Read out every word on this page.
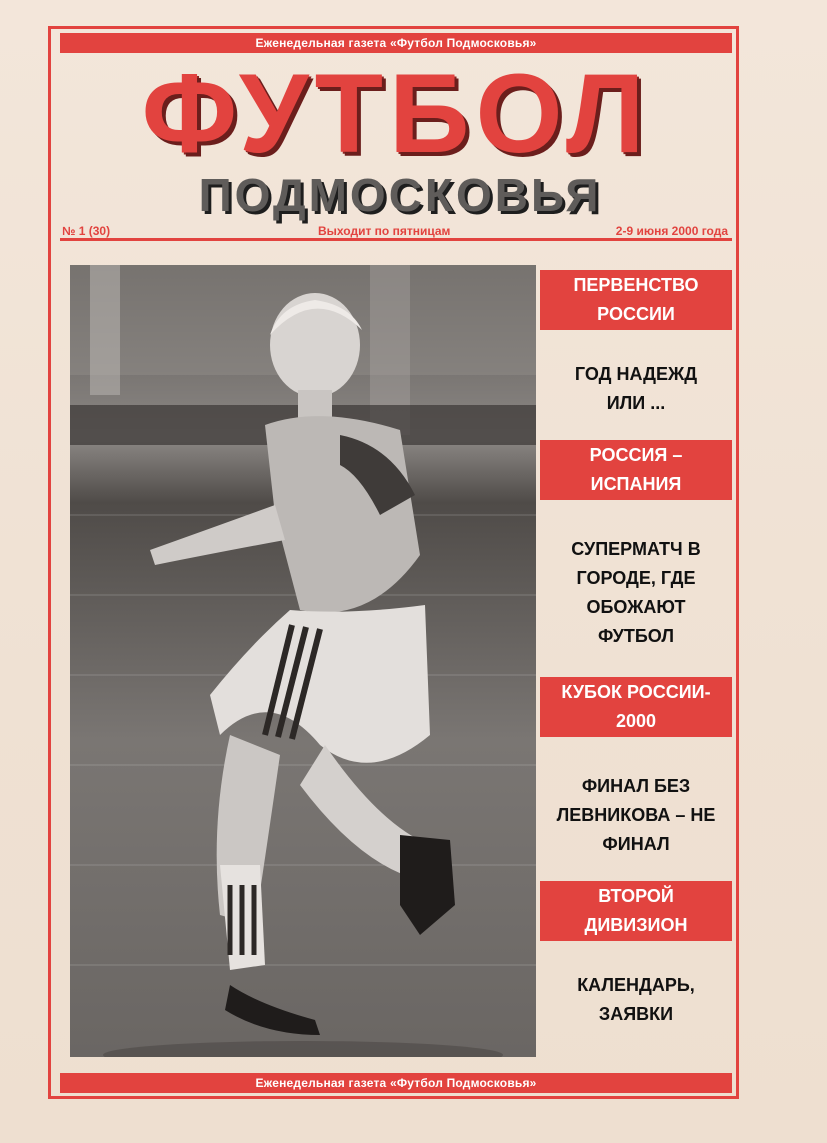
Еженедельная газета «Футбол Подмосковья»
ФУТБОЛ
ПОДМОСКОВЬЯ
№ 1 (30)	Выходит по пятницам	2-9 июня 2000 года
ПЕРВЕНСТВО
РОССИИ
ГОД НАДЕЖД
ИЛИ ...
РОССИЯ –
ИСПАНИЯ
СУПЕРМАТЧ В
ГОРОДЕ, ГДЕ
ОБОЖАЮТ
ФУТБОЛ
КУБОК РОССИИ-
2000
ФИНАЛ БЕЗ
ЛЕВНИКОВА – НЕ
ФИНАЛ
ВТОРОЙ
ДИВИЗИОН
КАЛЕНДАРЬ,
ЗАЯВКИ
Еженедельная газета «Футбол Подмосковья»
